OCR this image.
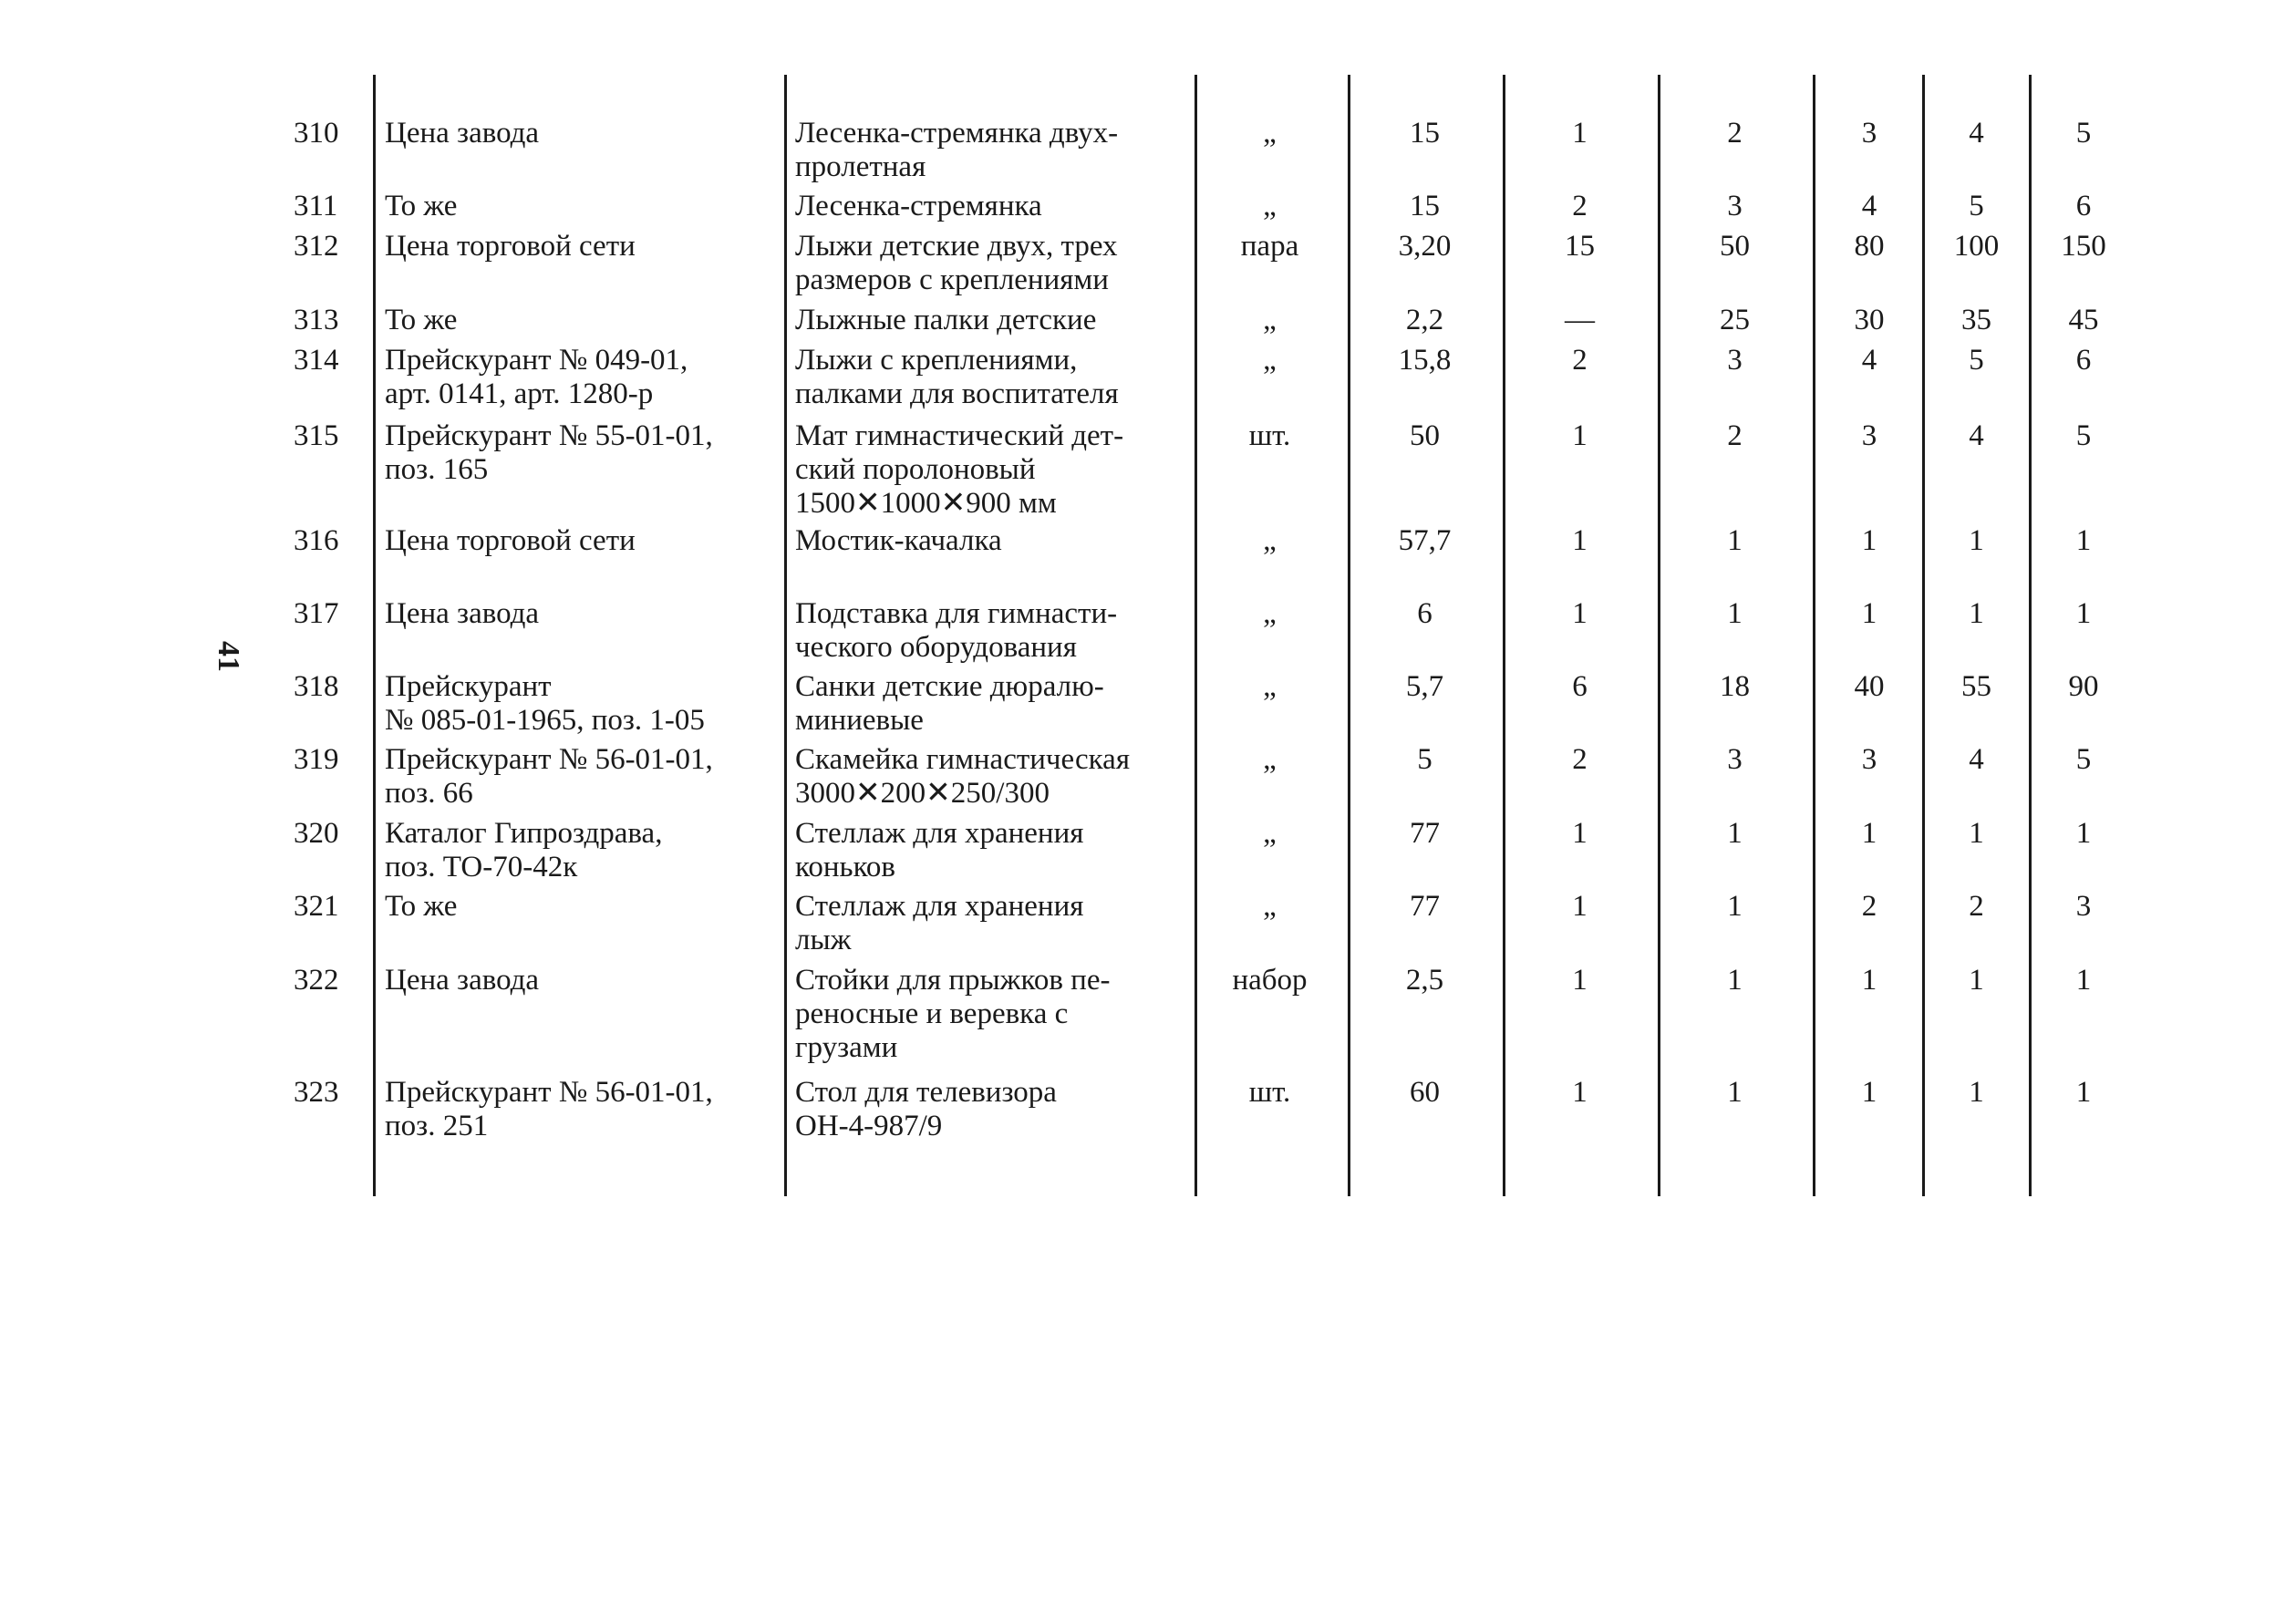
41
310	Цена завода	Лесенка-стремянка двух-
пролетная
„	15	1	2	3	4	5
311	То же	Лесенка-стремянка	„	15	2	3	4	5	6
312	Цена торговой сети	Лыжи детские двух, трех
размеров с креплениями
пара	3,20	15	50	80	100	150
313	То же	Лыжные палки детские	„	2,2	—	25	30	35	45
314	Прейскурант № 049-01,
арт. 0141, арт. 1280-р
Лыжи с креплениями,
палками для воспитателя
„	15,8	2	3	4	5	6
315	Прейскурант № 55-01-01,
поз. 165
Мат гимнастический дет-
ский поролоновый
1500✕1000✕900 мм
шт.	50	1	2	3	4	5
316	Цена торговой сети	Мостик-качалка	„	57,7	1	1	1	1	1
317	Цена завода	Подставка для гимнасти-
ческого оборудования
„	6	1	1	1	1	1
318	Прейскурант
№ 085-01-1965, поз. 1-05
Санки детские дюралю-
миниевые
„	5,7	6	18	40	55	90
319	Прейскурант № 56-01-01,
поз. 66
Скамейка гимнастическая
3000✕200✕250/300
„	5	2	3	3	4	5
320	Каталог Гипроздрава,
поз. ТО-70-42к
Стеллаж для хранения
коньков
„	77	1	1	1	1	1
321	То же	Стеллаж для хранения
лыж
„	77	1	1	2	2	3
322	Цена завода	Стойки для прыжков пе-
реносные и веревка с
грузами
набор	2,5	1	1	1	1	1
323	Прейскурант № 56-01-01,
поз. 251
Стол для телевизора
ОН-4-987/9
шт.	60	1	1	1	1	1
